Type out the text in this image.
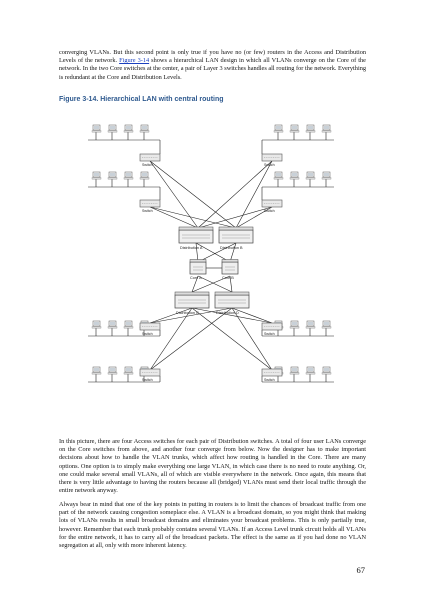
converging VLANs. But this second point is only true if you have no (or few) routers in the Access and Distribution Levels of the network. Figure 3-14 shows a hierarchical LAN design in which all VLANs converge on the Core of the network. In the two Core switches at the center, a pair of Layer 3 switches handles all routing for the network. Everything is redundant at the Core and Distribution Levels.

Figure 3-14. Hierarchical LAN with central routing

Switch
Switch
Switch
Switch
Switch
Switch
Switch
Switch
Distribution A	Distribution B
Core A	Core B
Distribution C	Distribution D

In this picture, there are four Access switches for each pair of Distribution switches. A total of four user LANs converge on the Core switches from above, and another four converge from below. Now the designer has to make important decisions about how to handle the VLAN trunks, which affect how routing is handled in the Core. There are many options. One option is to simply make everything one large VLAN, in which case there is no need to route anything. Or, one could make several small VLANs, all of which are visible everywhere in the network. Once again, this means that there is very little advantage to having the routers because all (bridged) VLANs must send their local traffic through the entire network anyway.

Always bear in mind that one of the key points in putting in routers is to limit the chances of broadcast traffic from one part of the network causing congestion someplace else. A VLAN is a broadcast domain, so you might think that making lots of VLANs results in small broadcast domains and eliminates your broadcast problems. This is only partially true, however. Remember that each trunk probably contains several VLANs. If an Access Level trunk circuit holds all VLANs for the entire network, it has to carry all of the broadcast packets. The effect is the same as if you had done no VLAN segregation at all, only with more inherent latency.

67
